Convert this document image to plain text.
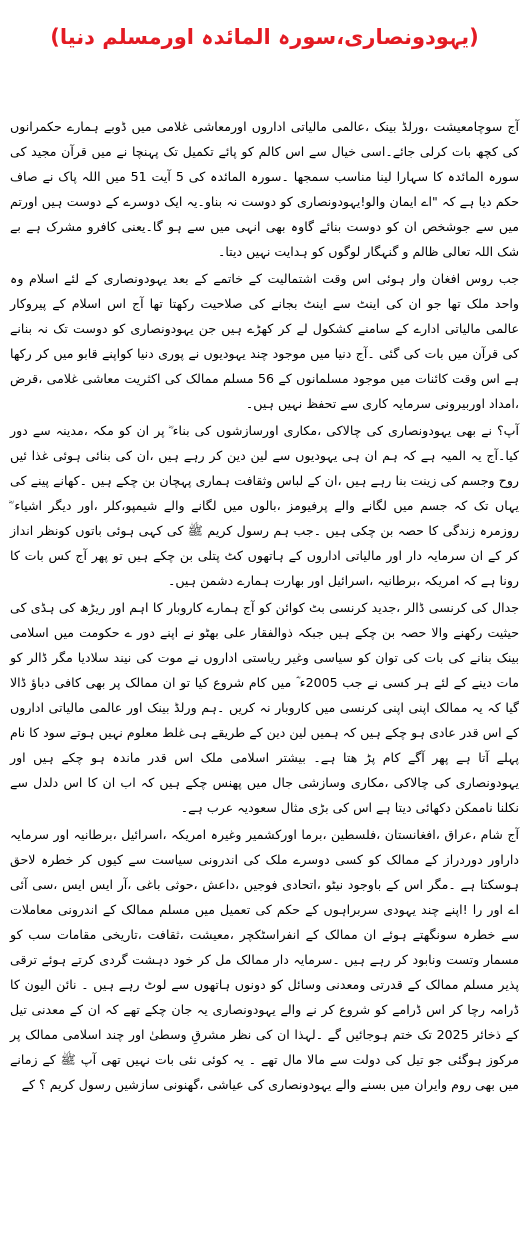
(یہودونصاری،سورہ المائدہ اورمسلم دنیا)

آج سوچامعیشت ،ورلڈ بینک ،عالمی مالیاتی اداروں اورمعاشی غلامی میں ڈوبے ہمارے حکمرانوں کی کچھ بات کرلی جائے۔اسی خیال سے اس کالم کو پائے تکمیل تک پہنچا نے میں قرآن مجید کی سورہ المائدہ کا سہارا لینا مناسب سمجھا ۔سورہ المائدہ کی 5 آیت 51 میں اللہ پاک نے صاف حکم دیا ہے کہ "اے ایمان والو!یہودونصاری کو دوست نہ بناو۔یہ ایک دوسرے کے دوست ہیں اورتم میں سے جوشخص ان کو دوست بنائے گاوہ بھی انہی میں سے ہو گا۔یعنی کافرو مشرک ہے بے شک اللہ تعالی ظالم و گنہگار لوگوں کو ہدایت نہیں دیتا۔

جب روس افغان وار ہوئی اس وقت اشتمالیت کے خاتمے کے بعد یہودونصاری کے لئے اسلام وہ واحد ملک تھا جو ان کی اینٹ سے اینٹ بجانے کی صلاحیت رکھتا تھا آج اس اسلام کے پیروکار عالمی مالیاتی ادارے کے سامنے کشکول لے کر کھڑے ہیں جن یہودونصاری کو دوست تک نہ بنانے کی قرآن میں بات کی گئی ۔آج دنیا میں موجود چند یہودیوں نے پوری دنیا کواپنے قابو میں کر رکھا ہے اس وقت کائنات میں موجود مسلمانوں کے 56 مسلم ممالک کی اکثریت معاشی غلامی ،قرض ،امداد اوربیرونی سرمایہ کاری سے تحفظ نہیں ہیں۔

آپ؟ نے بھی یہودونصاری کی چالاکی ،مکاری اورسازشوں کی بناء ؓ پر ان کو مکہ ،مدینہ سے دور کیا۔آج یہ المیہ ہے کہ ہم ان ہی یہودیوں سے لین دین کر رہے ہیں ،ان کی بنائی ہوئی غذا ئیں روح وجسم کی زینت بنا رہے ہیں ،ان کے لباس وثقافت ہماری پہچان بن چکے ہیں ۔کھانے پینے کی یہاں تک کہ جسم میں لگانے والے پرفیومز ،بالوں میں لگانے والے شیمپو،کلر ،اور دیگر اشیاء ؓ روزمرہ زندگی کا حصہ بن چکی ہیں ۔جب ہم رسول کریم ﷺ کی کہی ہوئی باتوں کونظر انداز کر کے ان سرمایہ دار اور مالیاتی اداروں کے ہاتھوں کٹ پتلی بن چکے ہیں تو پھر آج کس بات کا رونا ہے کہ امریکہ ،برطانیہ ،اسرائیل اور بھارت ہمارے دشمن ہیں۔

جدال کی کرنسی ڈالر ،جدید کرنسی بٹ کوائن کو آج ہمارے کاروبار کا اہم اور ریڑھ کی ہڈی کی حیثیت رکھنے والا حصہ بن چکے ہیں جبکہ ذوالفقار علی بھٹو نے اپنے دور ے حکومت میں اسلامی بینک بنانے کی بات کی توان کو سیاسی وغیر ریاستی اداروں نے موت کی نیند سلادیا مگر ڈالر کو مات دینے کے لئے ہر کسی نے جب 2005ء ؓ میں کام شروع کیا تو ان ممالک پر بھی کافی دباؤ ڈالا گیا کہ یہ ممالک اپنی اپنی کرنسی میں کاروبار نہ کریں ۔ہم ورلڈ بینک اور عالمی مالیاتی اداروں کے اس قدر عادی ہو چکے ہیں کہ ہمیں لین دین کے طریقے ہی غلط معلوم نہیں ہوتے سود کا نام پہلے آتا ہے پھر آگے کام پڑ ھتا ہے۔ بیشتر اسلامی ملک اس قدر ماندہ ہو چکے ہیں اور یہودونصاری کی چالاکی ،مکاری وسازشی جال میں پھنس چکے ہیں کہ اب ان کا اس دلدل سے نکلنا ناممکن دکھائی دیتا ہے اس کی بڑی مثال سعودیہ عرب ہے۔

آج شام ،عراق ،افغانستان ،فلسطین ،برما اورکشمیر وغیرہ امریکہ ،اسرائیل ،برطانیہ اور سرمایہ داراور دوردراز کے ممالک کو کسی دوسرے ملک کی اندرونی سیاست سے کیوں کر خطرہ لاحق ہوسکتا ہے ۔مگر اس کے باوجود نیٹو ،اتحادی فوجیں ،داعش ،حوثی باغی ،آر ایس ایس ،سی آئی اے اور را !اپنے چند یہودی سربراہوں کے حکم کی تعمیل میں مسلم ممالک کے اندرونی معاملات سے خطرہ سونگھتے ہوئے ان ممالک کے انفراسٹکچر ،معیشت ،ثقافت ،تاریخی مقامات سب کو مسمار وتست ونابود کر رہے ہیں ۔سرمایہ دار ممالک مل کر خود دہشت گردی کرتے ہوئے ترقی پذیر مسلم ممالک کے قدرتی ومعدنی وسائل کو دونوں ہاتھوں سے لوٹ رہے ہیں ۔ نائن الیون کا ڈرامہ رچا کر اس ڈرامے کو شروع کر نے والے یہودونصاری یہ جان چکے تھے کہ ان کے معدنی تیل کے ذخائر 2025 تک ختم ہوجائیں گے ۔لہذا ان کی نظر مشرقِ وسطیٰ اور چند اسلامی ممالک پر مرکوز ہوگئی جو تیل کی دولت سے مالا مال تھے ۔ یہ کوئی نئی بات نہیں تھی آپ ﷺ کے زمانے میں بھی روم وایران میں بسنے والے یہودونصاری کی عیاشی ،گھنونی سازشیں رسول کریم ؟ کے
